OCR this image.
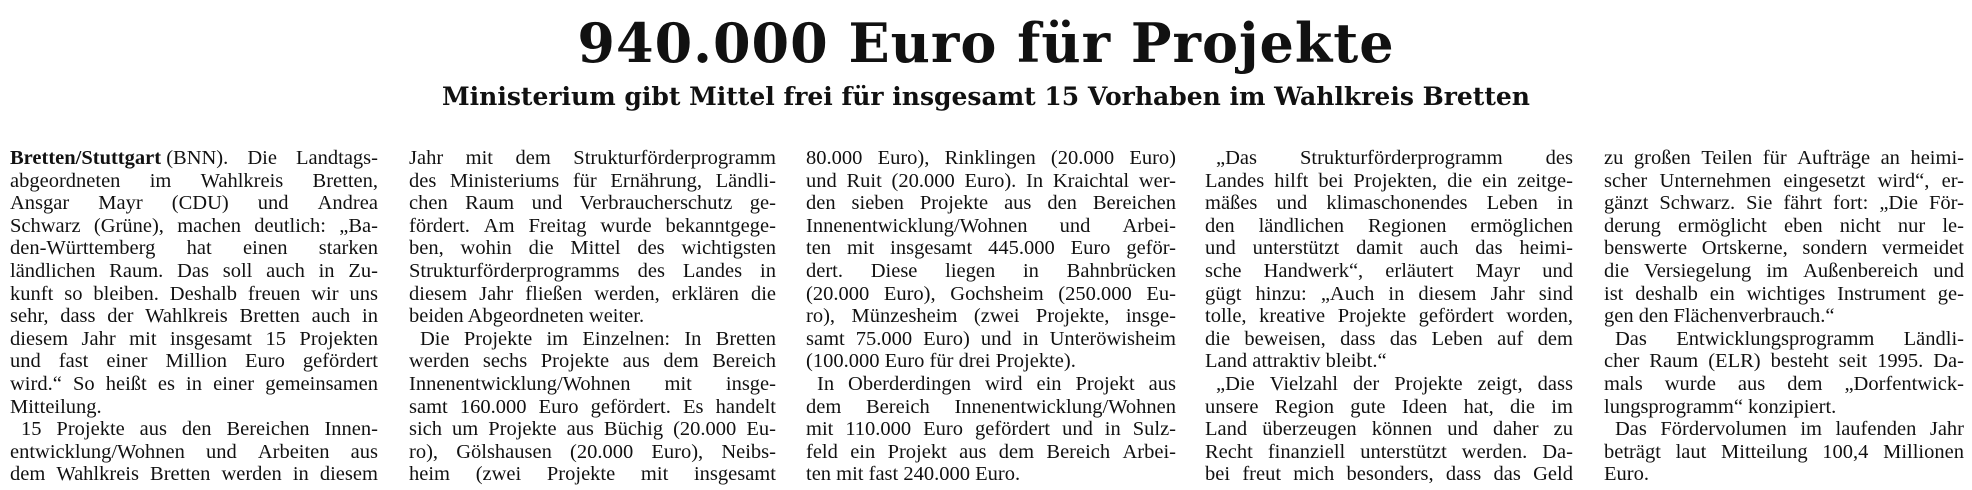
940.000 Euro für Projekte
Ministerium gibt Mittel frei für insgesamt 15 Vorhaben im Wahlkreis Bretten
Bretten/Stuttgart (BNN). Die Landtags-
abgeordneten im Wahlkreis Bretten,
Ansgar Mayr (CDU) und Andrea
Schwarz (Grüne), machen deutlich: „Ba-
den-Württemberg hat einen starken
ländlichen Raum. Das soll auch in Zu-
kunft so bleiben. Deshalb freuen wir uns
sehr, dass der Wahlkreis Bretten auch in
diesem Jahr mit insgesamt 15 Projekten
und fast einer Million Euro gefördert
wird.“ So heißt es in einer gemeinsamen
Mitteilung.
15 Projekte aus den Bereichen Innen-
entwicklung/Wohnen und Arbeiten aus
dem Wahlkreis Bretten werden in diesem
Jahr mit dem Strukturförderprogramm
des Ministeriums für Ernährung, Ländli-
chen Raum und Verbraucherschutz ge-
fördert. Am Freitag wurde bekanntgege-
ben, wohin die Mittel des wichtigsten
Strukturförderprogramms des Landes in
diesem Jahr fließen werden, erklären die
beiden Abgeordneten weiter.
Die Projekte im Einzelnen: In Bretten
werden sechs Projekte aus dem Bereich
Innenentwicklung/Wohnen mit insge-
samt 160.000 Euro gefördert. Es handelt
sich um Projekte aus Büchig (20.000 Eu-
ro), Gölshausen (20.000 Euro), Neibs-
heim (zwei Projekte mit insgesamt
80.000 Euro), Rinklingen (20.000 Euro)
und Ruit (20.000 Euro). In Kraichtal wer-
den sieben Projekte aus den Bereichen
Innenentwicklung/Wohnen und Arbei-
ten mit insgesamt 445.000 Euro geför-
dert. Diese liegen in Bahnbrücken
(20.000 Euro), Gochsheim (250.000 Eu-
ro), Münzesheim (zwei Projekte, insge-
samt 75.000 Euro) und in Unteröwisheim
(100.000 Euro für drei Projekte).
In Oberderdingen wird ein Projekt aus
dem Bereich Innenentwicklung/Wohnen
mit 110.000 Euro gefördert und in Sulz-
feld ein Projekt aus dem Bereich Arbei-
ten mit fast 240.000 Euro.
„Das Strukturförderprogramm des
Landes hilft bei Projekten, die ein zeitge-
mäßes und klimaschonendes Leben in
den ländlichen Regionen ermöglichen
und unterstützt damit auch das heimi-
sche Handwerk“, erläutert Mayr und
gügt hinzu: „Auch in diesem Jahr sind
tolle, kreative Projekte gefördert worden,
die beweisen, dass das Leben auf dem
Land attraktiv bleibt.“
„Die Vielzahl der Projekte zeigt, dass
unsere Region gute Ideen hat, die im
Land überzeugen können und daher zu
Recht finanziell unterstützt werden. Da-
bei freut mich besonders, dass das Geld
zu großen Teilen für Aufträge an heimi-
scher Unternehmen eingesetzt wird“, er-
gänzt Schwarz. Sie fährt fort: „Die För-
derung ermöglicht eben nicht nur le-
benswerte Ortskerne, sondern vermeidet
die Versiegelung im Außenbereich und
ist deshalb ein wichtiges Instrument ge-
gen den Flächenverbrauch.“
Das Entwicklungsprogramm Ländli-
cher Raum (ELR) besteht seit 1995. Da-
mals wurde aus dem „Dorfentwick-
lungsprogramm“ konzipiert.
Das Fördervolumen im laufenden Jahr
beträgt laut Mitteilung 100,4 Millionen
Euro.
